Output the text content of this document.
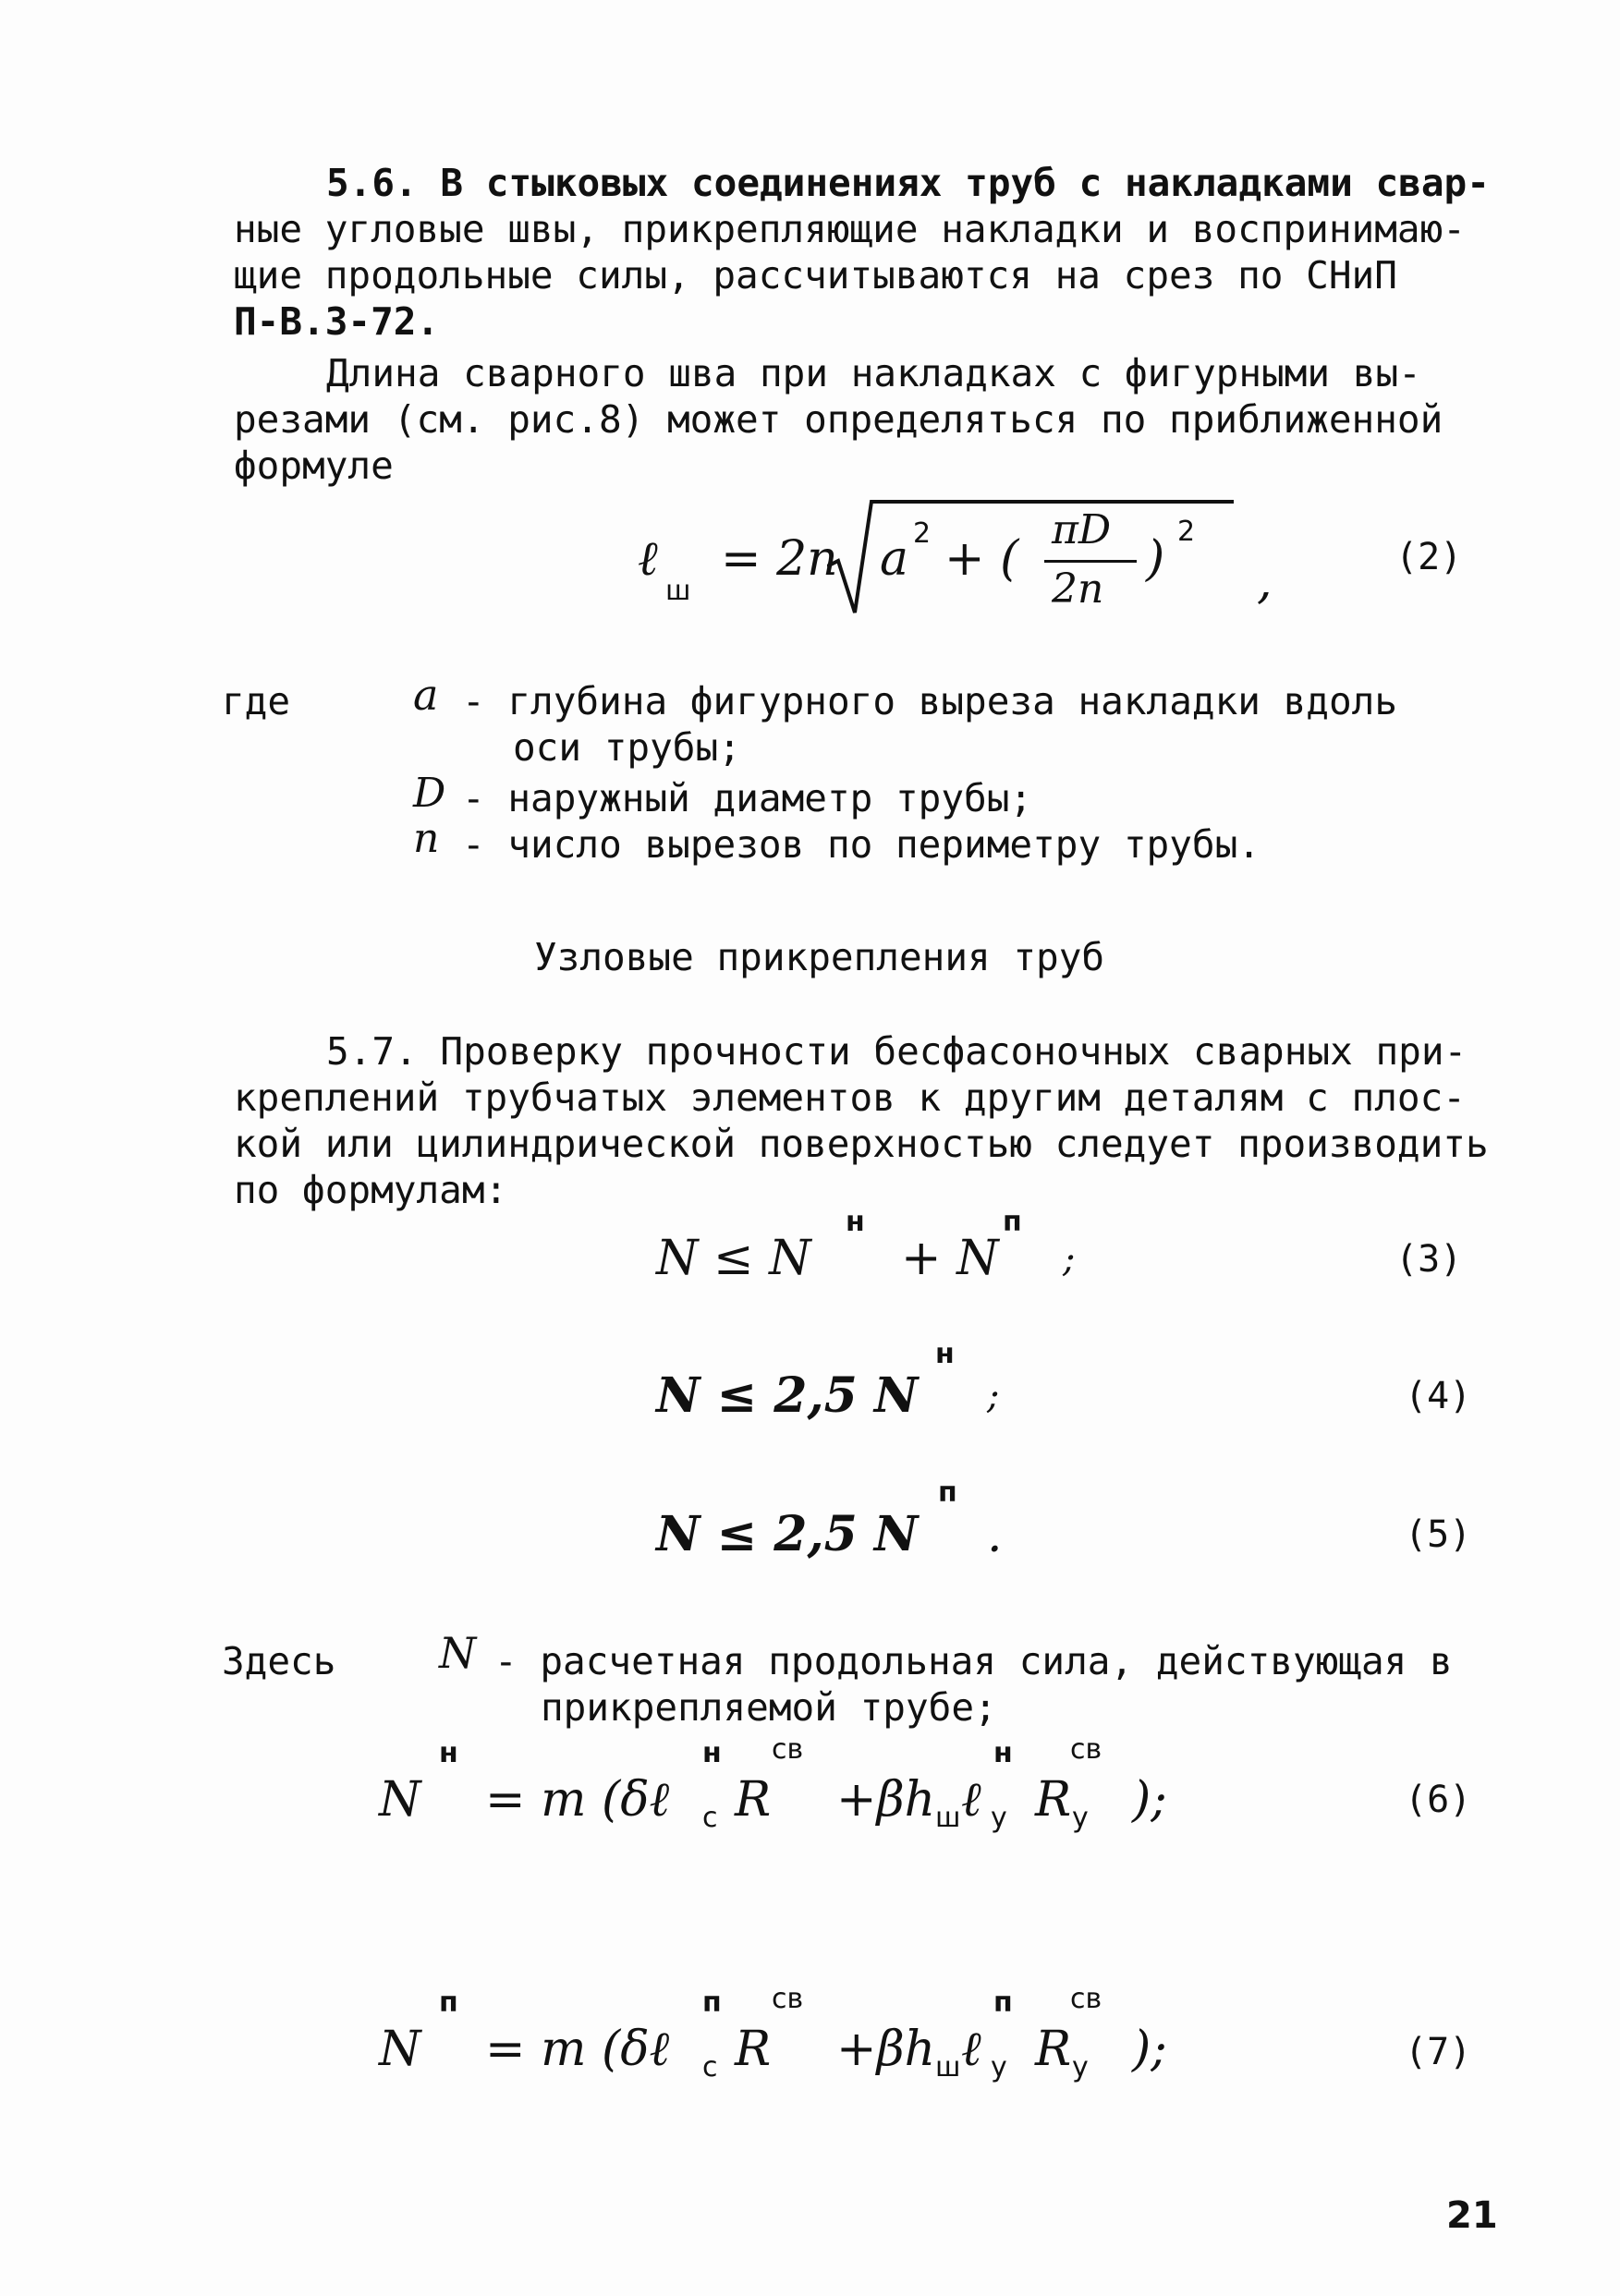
5.6. В стыковых соединениях труб с накладками свар-
ные угловые швы, прикрепляющие накладки и воспринимаю-
щие продольные силы, рассчитываются на срез по СНиП
П-В.3-72.
Длина сварного шва при накладках с фигурными вы-
резами (см. рис.8) может определяться по приближенной
формуле
ℓ
ш
= 2n a 2 + (
πD
2n
) 2
,	(2)
где	a - глубина фигурного выреза накладки вдоль
оси трубы;
D - наружный диаметр трубы;
n - число вырезов по периметру трубы.
Узловые прикрепления труб
5.7. Проверку прочности бесфасоночных сварных при-
креплений трубчатых элементов к другим деталям с плос-
кой или цилиндрической поверхностью следует производить
по формулам:
N ≤ N
н
+ N
п
;	(3)
N ≤ 2,5 N
н
;	(4)
N ≤ 2,5 N
п
.	(5)
Здесь N - расчетная продольная сила, действующая в
прикрепляемой трубе;
N
н
= m (δℓ
н
c R
cв
+βh ш ℓ
н
y R
cв
y );	(6)
N
п
= m (δℓ
п
c R
cв
+βh ш ℓ
п
y R
cв
y );	(7)
21
